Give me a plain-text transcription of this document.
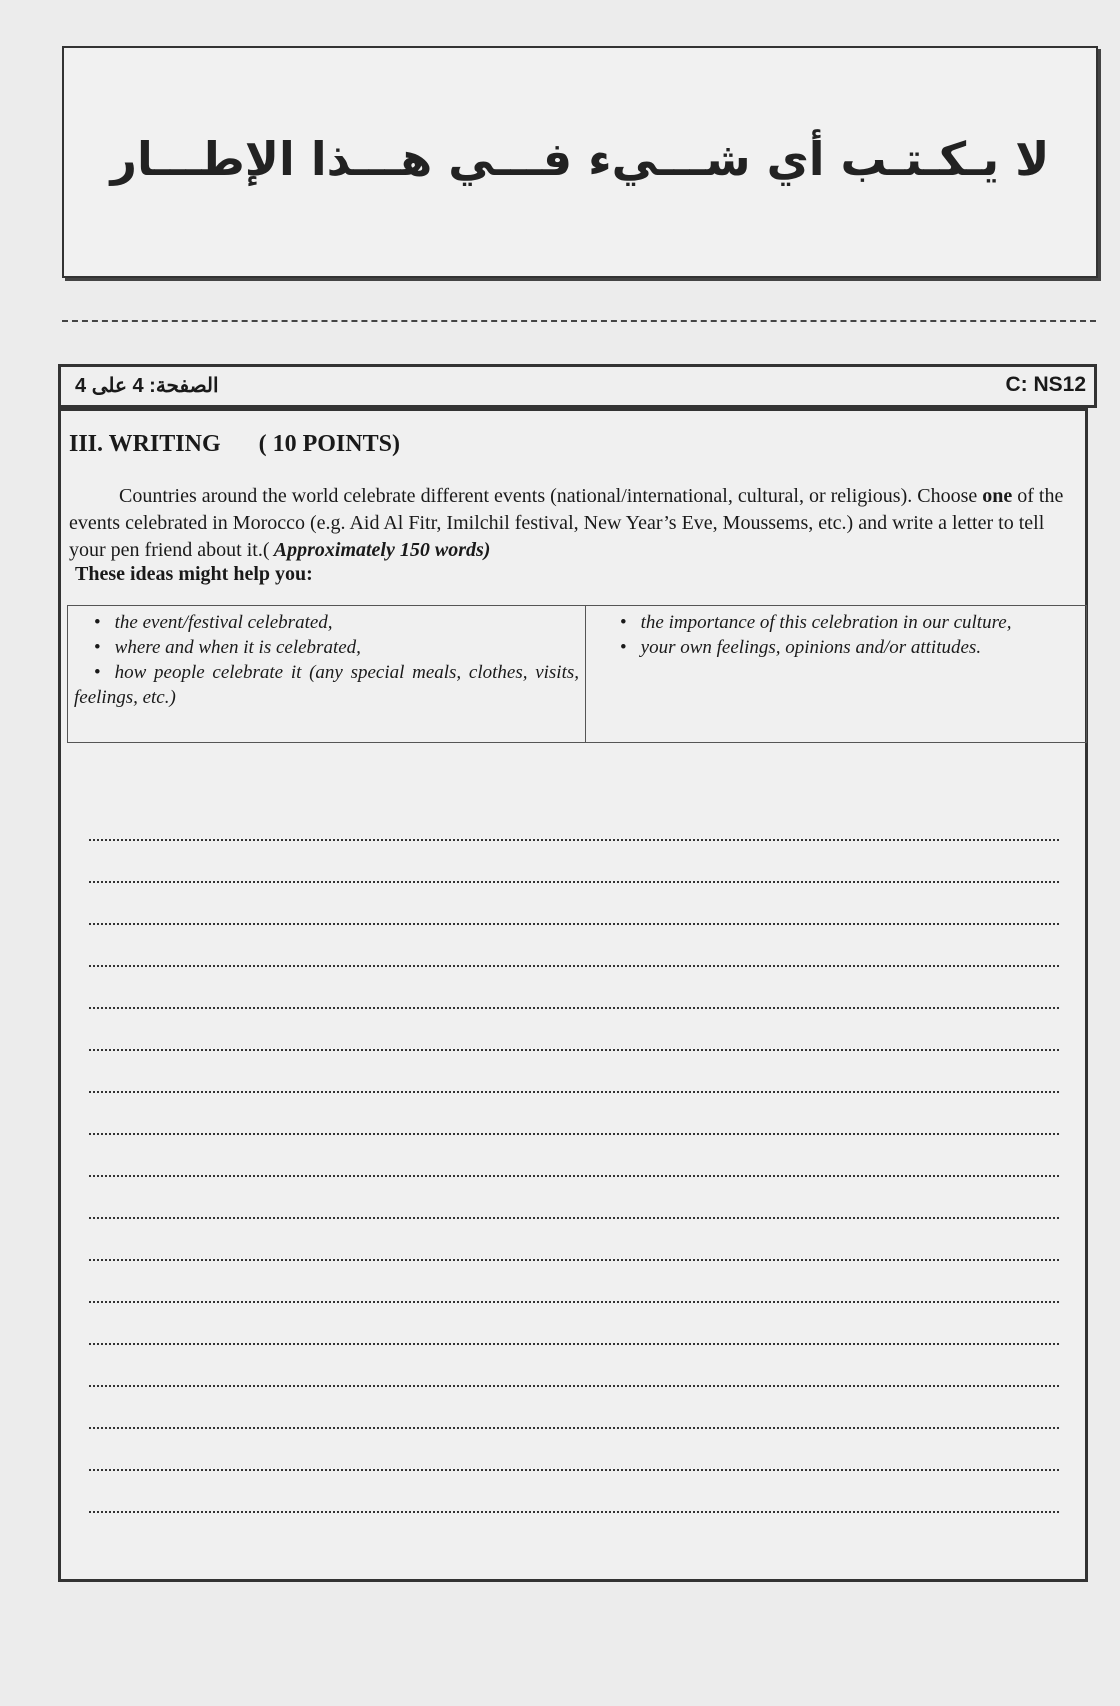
لا يـكـتـب أي شـــيء فـــي هـــذا الإطـــار
الصفحة: 4 على 4	C: NS12
III. WRITING ( 10 POINTS)
Countries around the world celebrate different events (national/international, cultural, or religious). Choose one of the events celebrated in Morocco (e.g. Aid Al Fitr, Imilchil festival, New Year’s Eve, Moussems, etc.) and write a letter to tell your pen friend about it.( Approximately 150 words)
These ideas might help you:
• the event/festival celebrated,
• where and when it is celebrated,
• how people celebrate it (any special meals, clothes, visits, feelings, etc.)
• the importance of this celebration in our culture,
• your own feelings, opinions and/or attitudes.
